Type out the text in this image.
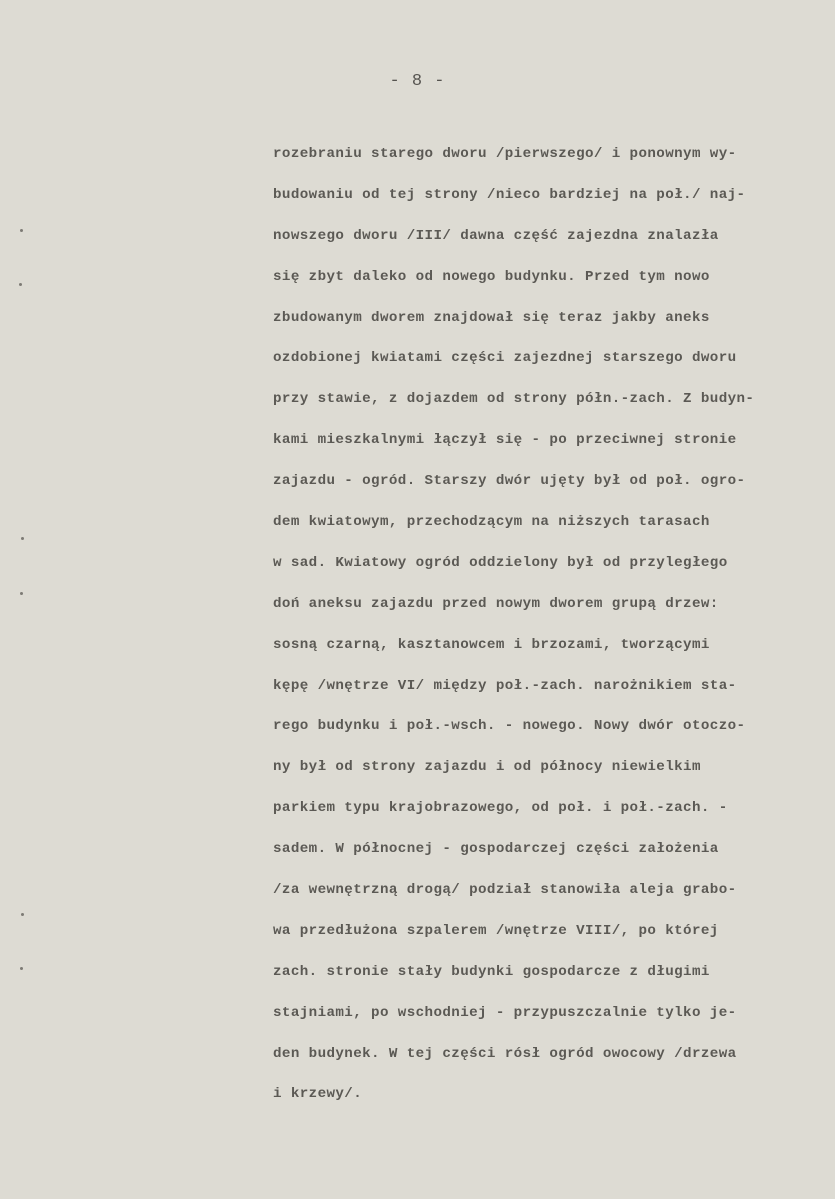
- 8 -
rozebraniu starego dworu /pierwszego/ i ponownym wy-
budowaniu od tej strony /nieco bardziej na poł./ naj-
nowszego dworu /III/ dawna część zajezdna znalazła
się zbyt daleko od nowego budynku. Przed tym nowo
zbudowanym dworem znajdował się teraz jakby aneks
ozdobionej kwiatami części zajezdnej starszego dworu
przy stawie, z dojazdem od strony półn.-zach. Z budyn-
kami mieszkalnymi łączył się - po przeciwnej stronie
zajazdu - ogród. Starszy dwór ujęty był od poł. ogro-
dem kwiatowym, przechodzącym na niższych tarasach
w sad. Kwiatowy ogród oddzielony był od przyległego
doń aneksu zajazdu przed nowym dworem grupą drzew:
sosną czarną, kasztanowcem i brzozami, tworzącymi
kępę /wnętrze VI/ między poł.-zach. narożnikiem sta-
rego budynku i poł.-wsch. - nowego. Nowy dwór otoczo-
ny był od strony zajazdu i od północy niewielkim
parkiem typu krajobrazowego, od poł. i poł.-zach. -
sadem. W północnej - gospodarczej części założenia
/za wewnętrzną drogą/ podział stanowiła aleja grabo-
wa przedłużona szpalerem /wnętrze VIII/, po której
zach. stronie stały budynki gospodarcze z długimi
stajniami, po wschodniej - przypuszczalnie tylko je-
den budynek. W tej części rósł ogród owocowy /drzewa
i krzewy/.
